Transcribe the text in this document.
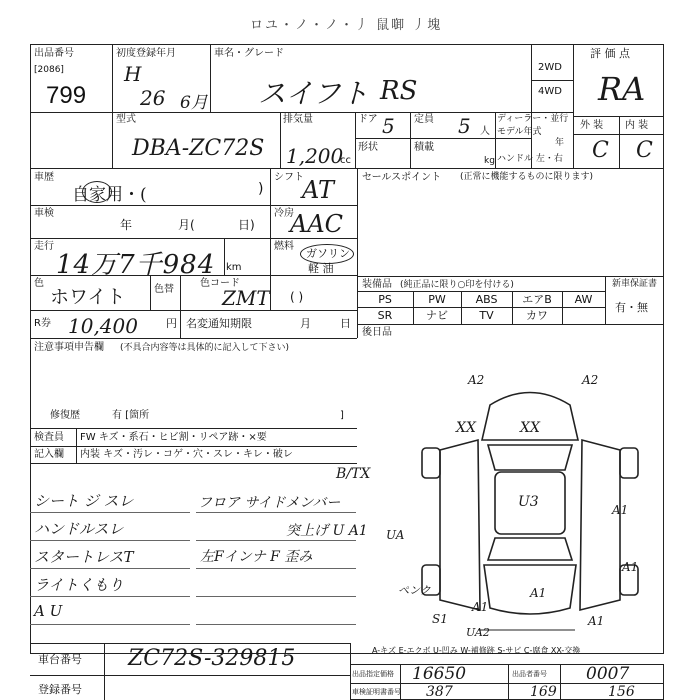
ロユ・ノ・ノ・丿 鼠啣 丿塊
出品番号
[2086]
799
初度登録年月
H
26 6月
車名・グレード
スイフト RS
2WD
4WD
評 価 点
RA
外 装 内 装
C C
型式
DBA-ZC72S
排気量
1,200
cc
ドア 5 定員 5 人
ディーラー・並行
モデル年式
年
ハンドル 左・右
形状	積載
kg
車歴
自家用・(	)
シフト
AT
車検
年	月(	日)
冷房
AAC
走行
14万7千984 km
燃料
ガソリン
軽 油
色
ホワイト	色替
色コード
ZMT ( )
R券 10,400	円 名変通知期限	月	日
注意事項申告欄 (不具合内容等は具体的に記入して下さい)
修復歴	有 [箇所	]
セールスポイント (正常に機能するものに限ります)
装備品 (純正品に限り○印を付ける)	新車保証書
有・無
PS	PW	ABS	エアB	AW
SR	ナビ	TV	カワ
後日品
検査員 FW キズ・系石・ヒビ割・リペア跡・×要
記入欄 内装 キズ・汚レ・コゲ・穴・スレ・キレ・破レ
B/TX
シート ジ スレ
ハンドルスレ
スタートレスT
ライトくもり
A U
フロア サイドメンバー
突上げ U A1
左Fインナ F 歪み
A2	A2
XX	XX
U3	A1
UA
A1
A1
A1
A1
ペンク
S1
UA2
A-キズ E-エクボ U-凹み W-補修跡 S-サビ C-腐食 XX-交換
車台番号 ZC72S-329815
登録番号
出品指定価格 16650	出品者番号 0007
車検証明書番号 387	169	156
